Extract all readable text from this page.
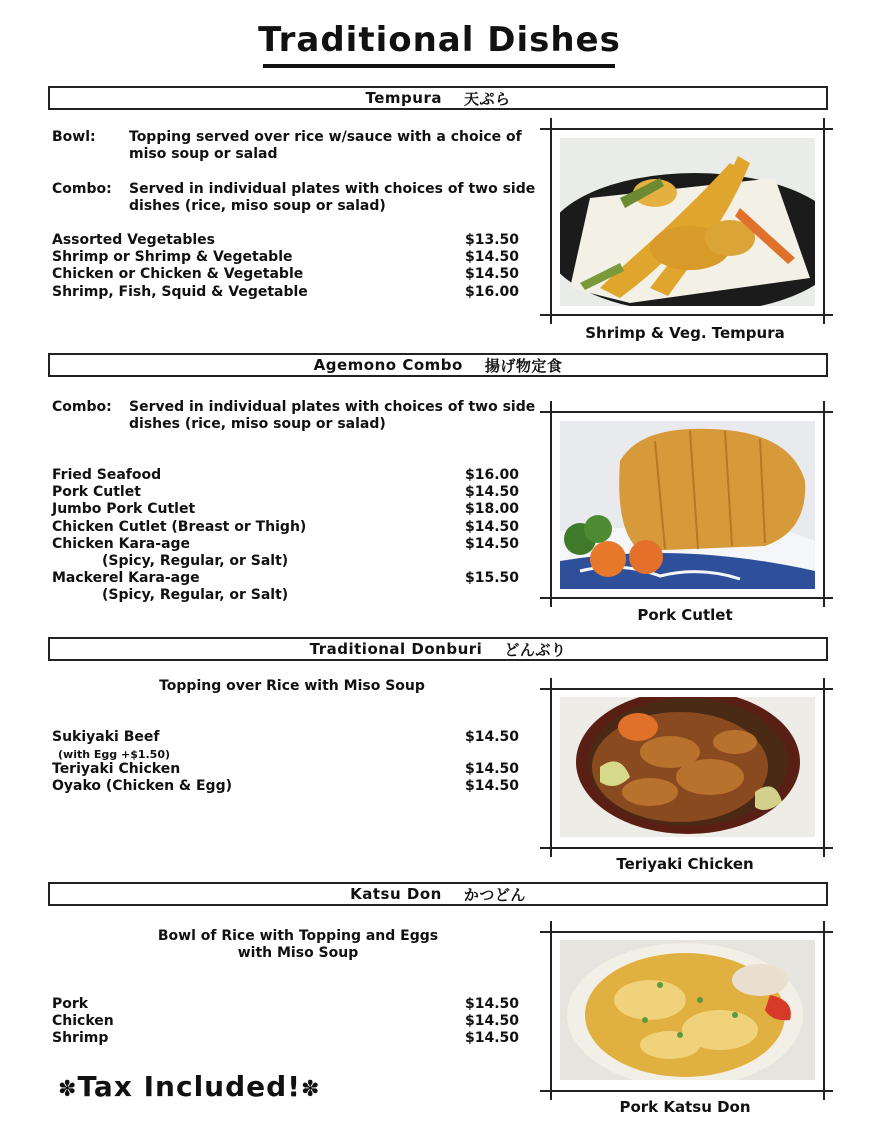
Traditional Dishes
Tempura 天ぷら
Bowl: Topping served over rice w/sauce with a choice of miso soup or salad
Combo: Served in individual plates with choices of two side dishes (rice, miso soup or salad)
Assorted Vegetables	$13.50
Shrimp or Shrimp & Vegetable	$14.50
Chicken or Chicken & Vegetable	$14.50
Shrimp, Fish, Squid & Vegetable	$16.00
Shrimp & Veg. Tempura
Agemono Combo 揚げ物定食
Combo: Served in individual plates with choices of two side dishes (rice, miso soup or salad)
Fried Seafood	$16.00
Pork Cutlet	$14.50
Jumbo Pork Cutlet	$18.00
Chicken Cutlet (Breast or Thigh)	$14.50
Chicken Kara-age	$14.50
(Spicy, Regular, or Salt)
Mackerel Kara-age	$15.50
(Spicy, Regular, or Salt)
Pork Cutlet
Traditional Donburi どんぶり
Topping over Rice with Miso Soup
Sukiyaki Beef	$14.50
(with Egg +$1.50)
Teriyaki Chicken	$14.50
Oyako (Chicken & Egg)	$14.50
Teriyaki Chicken
Katsu Don かつどん
Bowl of Rice with Topping and Eggs
with Miso Soup
Pork	$14.50
Chicken	$14.50
Shrimp	$14.50
Pork Katsu Don
✽Tax Included!✽
